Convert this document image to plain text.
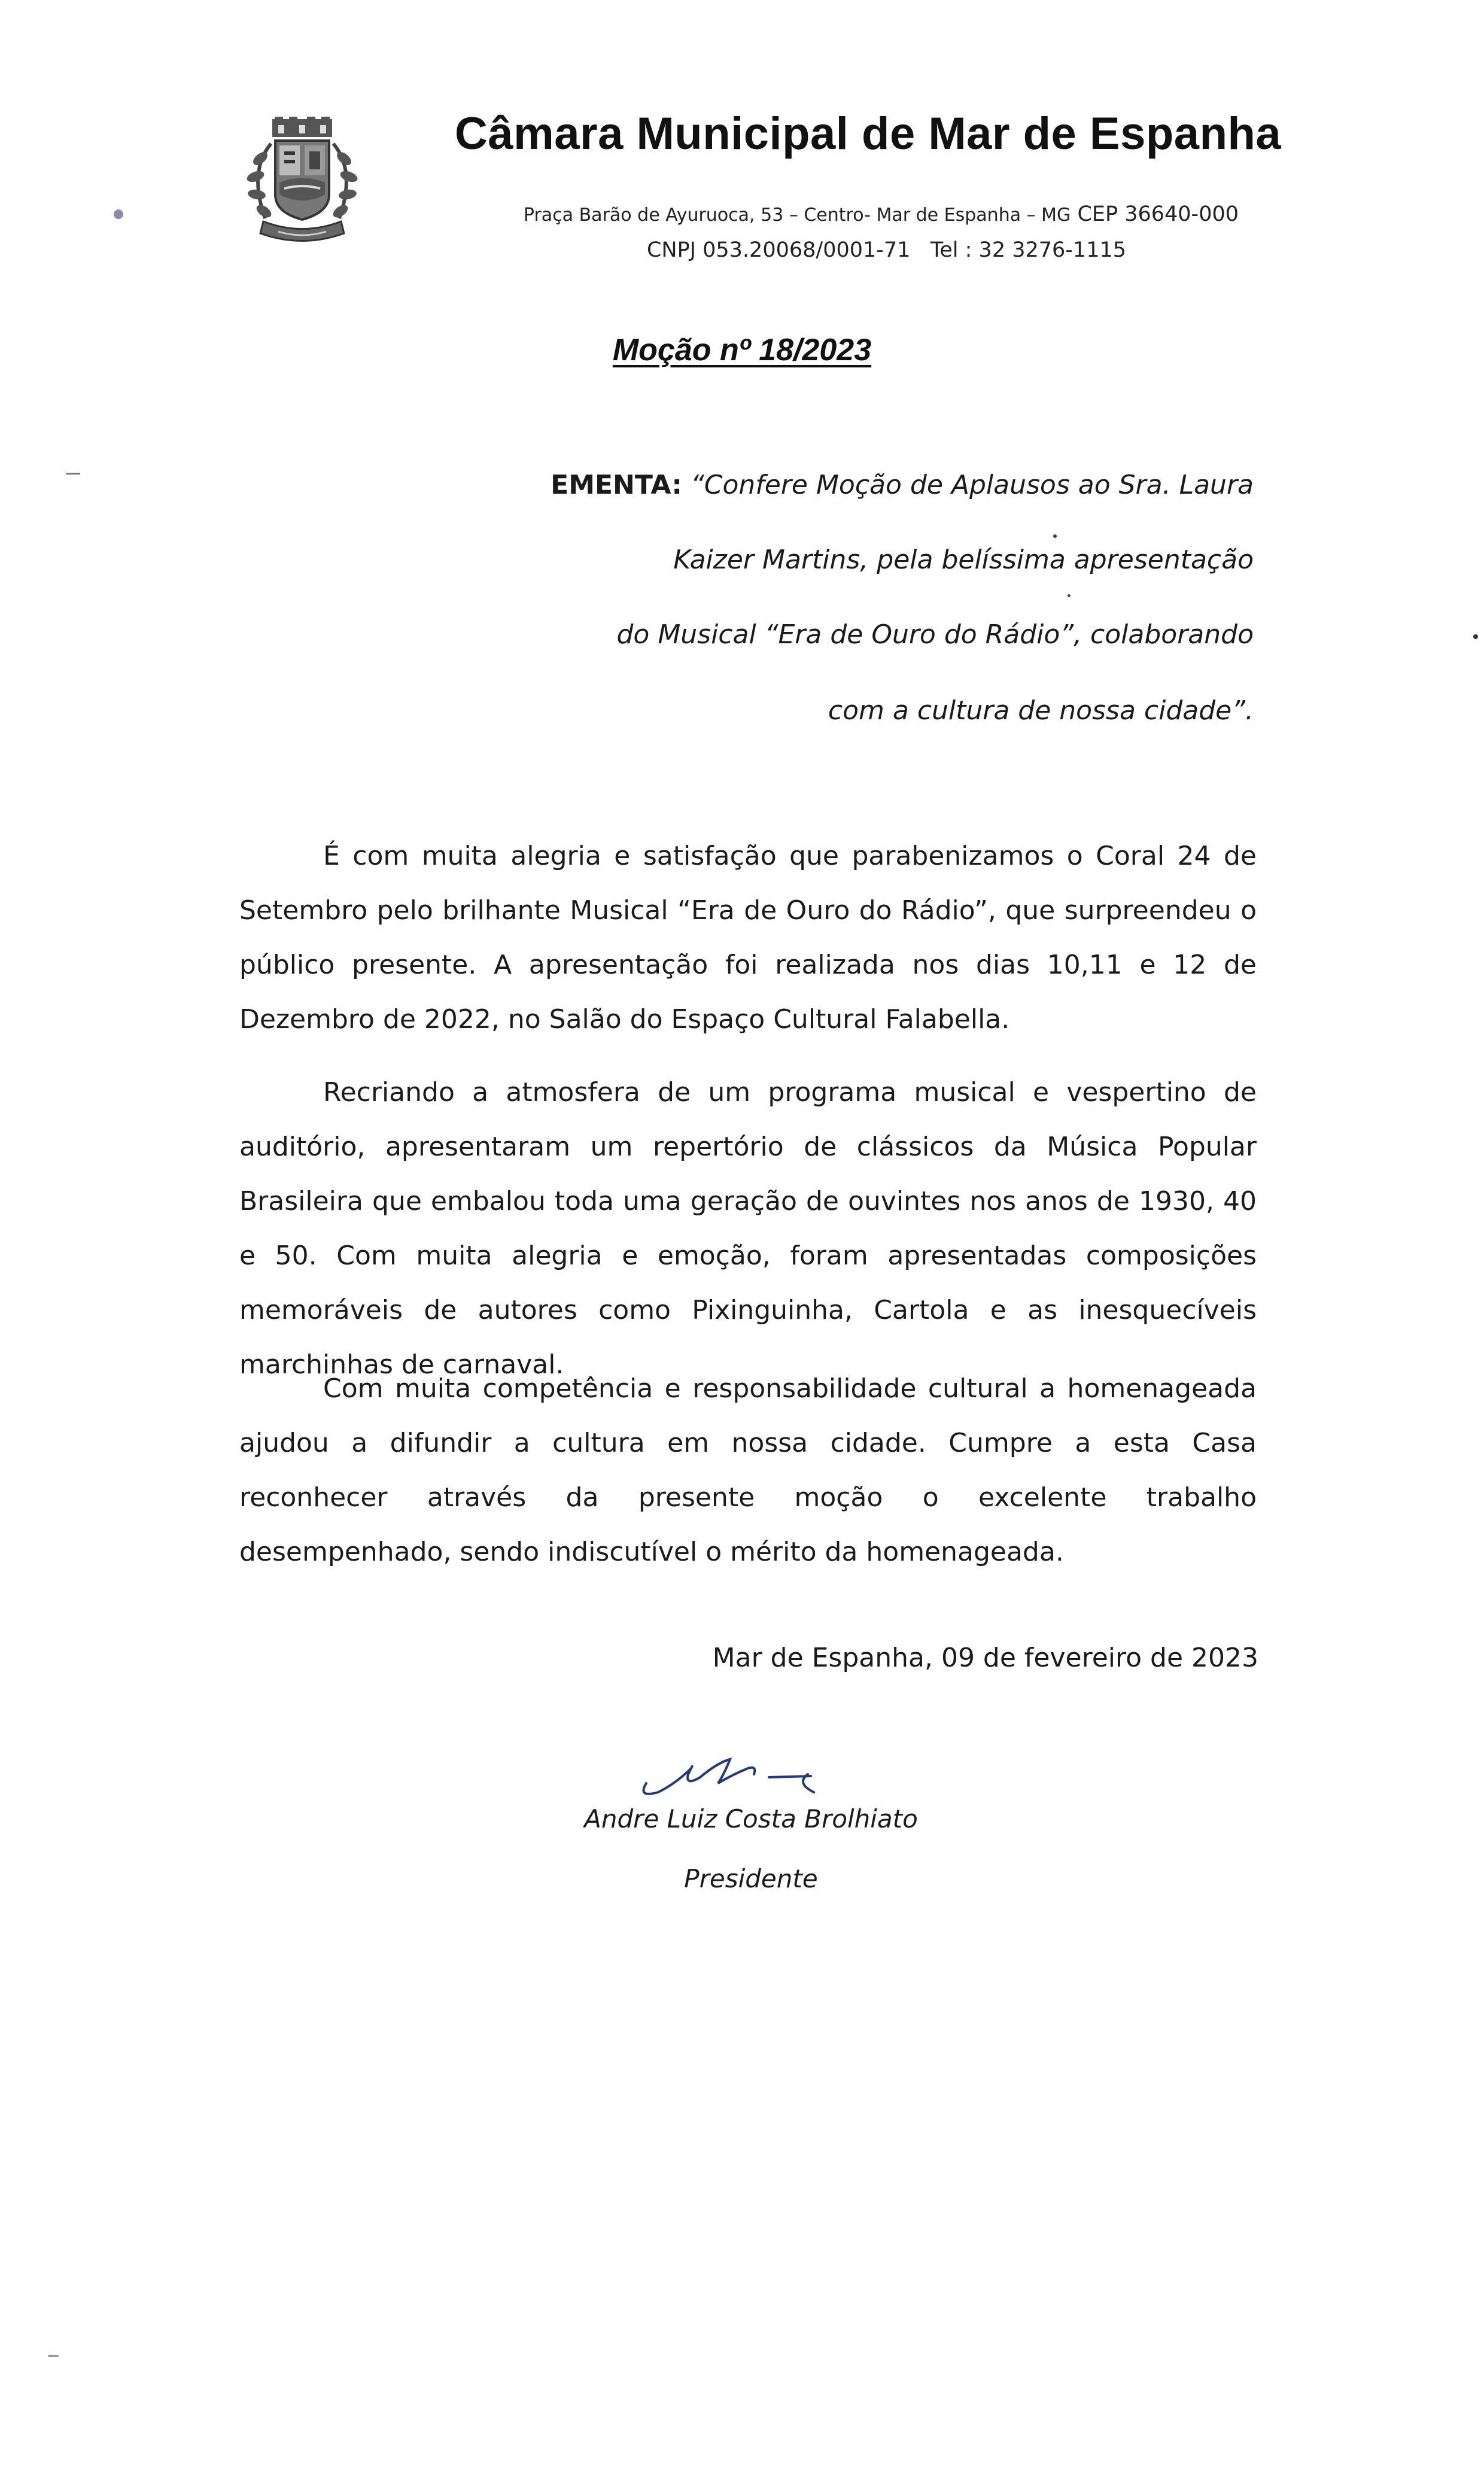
Câmara Municipal de Mar de Espanha
Praça Barão de Ayuruoca, 53 – Centro- Mar de Espanha – MG CEP 36640-000
CNPJ 053.20068/0001-71 Tel : 32 3276-1115
Moção nº 18/2023
EMENTA: “Confere Moção de Aplausos ao Sra. Laura
Kaizer Martins, pela belíssima apresentação
do Musical “Era de Ouro do Rádio”, colaborando
com a cultura de nossa cidade”.
É com muita alegria e satisfação que parabenizamos o Coral 24 de Setembro pelo brilhante Musical “Era de Ouro do Rádio”, que surpreendeu o público presente. A apresentação foi realizada nos dias 10,11 e 12 de Dezembro de 2022, no Salão do Espaço Cultural Falabella.
Recriando a atmosfera de um programa musical e vespertino de auditório, apresentaram um repertório de clássicos da Música Popular Brasileira que embalou toda uma geração de ouvintes nos anos de 1930, 40 e 50. Com muita alegria e emoção, foram apresentadas composições memoráveis de autores como Pixinguinha, Cartola e as inesquecíveis marchinhas de carnaval.
Com muita competência e responsabilidade cultural a homenageada ajudou a difundir a cultura em nossa cidade. Cumpre a esta Casa reconhecer através da presente moção o excelente trabalho desempenhado, sendo indiscutível o mérito da homenageada.
Mar de Espanha, 09 de fevereiro de 2023
Andre Luiz Costa Brolhiato
Presidente
